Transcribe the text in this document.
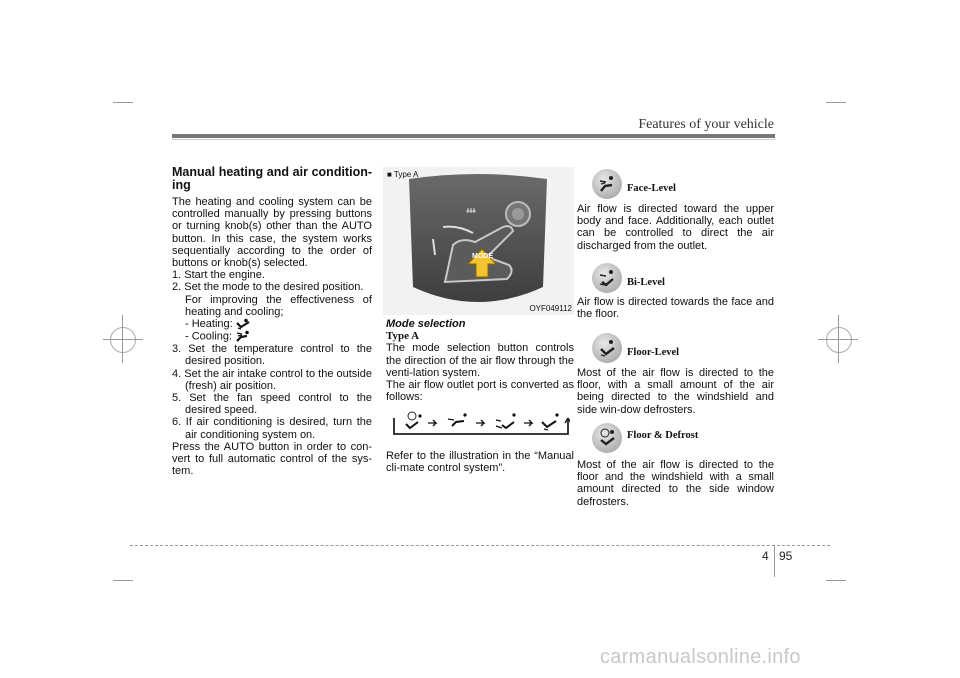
Features of your vehicle
Manual heating and air condition-ing

The heating and cooling system can be controlled manually by pressing buttons or turning knob(s) other than the AUTO button. In this case, the system works sequentially according to the order of buttons or knob(s) selected.

1. Start the engine.

2. Set the mode to the desired position.

For improving the effectiveness of heating and cooling;

- Heating:

- Cooling:

3. Set the temperature control to the desired position.

4. Set the air intake control to the outside (fresh) air position.

5. Set the fan speed control to the desired speed.

6. If air conditioning is desired, turn the air conditioning system on.

Press the AUTO button in order to con-vert to full automatic control of the sys-tem.

■ Type A
MODE
OYF049112

Mode selection

Type A

The mode selection button controls the direction of the air flow through the venti-lation system.

The air flow outlet port is converted as follows:

Refer to the illustration in the “Manual cli-mate control system”.

Face-Level

Air flow is directed toward the upper body and face. Additionally, each outlet can be controlled to direct the air discharged from the outlet.

Bi-Level

Air flow is directed towards the face and the floor.

Floor-Level

Most of the air flow is directed to the floor, with a small amount of the air being directed to the windshield and side win-dow defrosters.

Floor & Defrost

Most of the air flow is directed to the floor and the windshield with a small amount directed to the side window defrosters.

4 95
carmanualsonline.info
